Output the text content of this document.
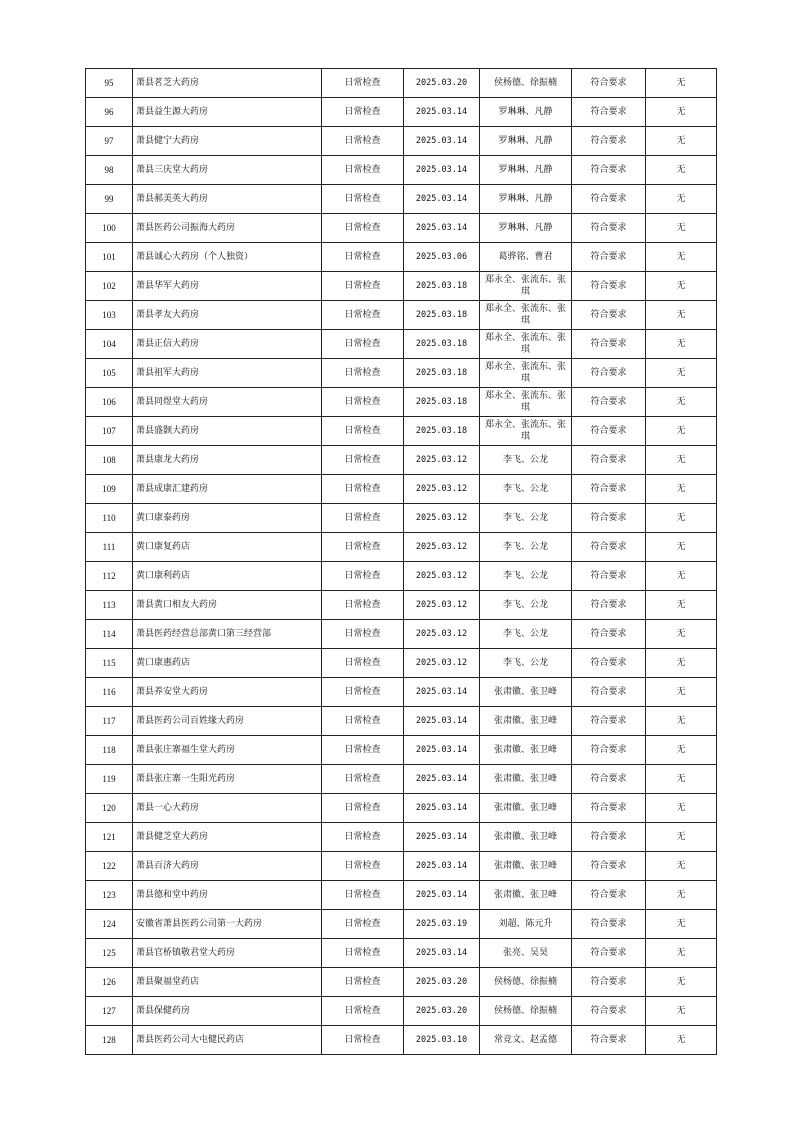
95	萧县茗芝大药房	日常检查	2025.03.20	侯杨德、徐振楠	符合要求	无
96	萧县益生源大药房	日常检查	2025.03.14	罗琳琳、凡静	符合要求	无
97	萧县健宁大药房	日常检查	2025.03.14	罗琳琳、凡静	符合要求	无
98	萧县三庆堂大药房	日常检查	2025.03.14	罗琳琳、凡静	符合要求	无
99	萧县郝美英大药房	日常检查	2025.03.14	罗琳琳、凡静	符合要求	无
100	萧县医药公司振海大药房	日常检查	2025.03.14	罗琳琳、凡静	符合要求	无
101	萧县诚心大药房（个人独资）	日常检查	2025.03.06	葛骅铭、曹君	符合要求	无
102	萧县华军大药房	日常检查	2025.03.18	郑永全、张流东、张琪	符合要求	无
103	萧县孝友大药房	日常检查	2025.03.18	郑永全、张流东、张琪	符合要求	无
104	萧县正信大药房	日常检查	2025.03.18	郑永全、张流东、张琪	符合要求	无
105	萧县祖军大药房	日常检查	2025.03.18	郑永全、张流东、张琪	符合要求	无
106	萧县同煜堂大药房	日常检查	2025.03.18	郑永全、张流东、张琪	符合要求	无
107	萧县盛颢大药房	日常检查	2025.03.18	郑永全、张流东、张琪	符合要求	无
108	萧县康龙大药房	日常检查	2025.03.12	李飞、公龙	符合要求	无
109	萧县成康汇建药房	日常检查	2025.03.12	李飞、公龙	符合要求	无
110	黄口康泰药房	日常检查	2025.03.12	李飞、公龙	符合要求	无
111	黄口康复药店	日常检查	2025.03.12	李飞、公龙	符合要求	无
112	黄口康利药店	日常检查	2025.03.12	李飞、公龙	符合要求	无
113	萧县黄口相友大药房	日常检查	2025.03.12	李飞、公龙	符合要求	无
114	萧县医药经营总部黄口第三经营部	日常检查	2025.03.12	李飞、公龙	符合要求	无
115	黄口康惠药店	日常检查	2025.03.12	李飞、公龙	符合要求	无
116	萧县养安堂大药房	日常检查	2025.03.14	张肃徽、张卫峰	符合要求	无
117	萧县医药公司百姓缘大药房	日常检查	2025.03.14	张肃徽、张卫峰	符合要求	无
118	萧县张庄寨福生堂大药房	日常检查	2025.03.14	张肃徽、张卫峰	符合要求	无
119	萧县张庄寨一生阳光药房	日常检查	2025.03.14	张肃徽、张卫峰	符合要求	无
120	萧县一心大药房	日常检查	2025.03.14	张肃徽、张卫峰	符合要求	无
121	萧县健芝堂大药房	日常检查	2025.03.14	张肃徽、张卫峰	符合要求	无
122	萧县百济大药房	日常检查	2025.03.14	张肃徽、张卫峰	符合要求	无
123	萧县德和堂中药房	日常检查	2025.03.14	张肃徽、张卫峰	符合要求	无
124	安徽省萧县医药公司第一大药房	日常检查	2025.03.19	刘超、陈元升	符合要求	无
125	萧县官桥镇敬君堂大药房	日常检查	2025.03.14	张亮、吴昊	符合要求	无
126	萧县聚福堂药店	日常检查	2025.03.20	侯杨德、徐振楠	符合要求	无
127	萧县保健药房	日常检查	2025.03.20	侯杨德、徐振楠	符合要求	无
128	萧县医药公司大屯健民药店	日常检查	2025.03.10	常竞文、赵孟德	符合要求	无
